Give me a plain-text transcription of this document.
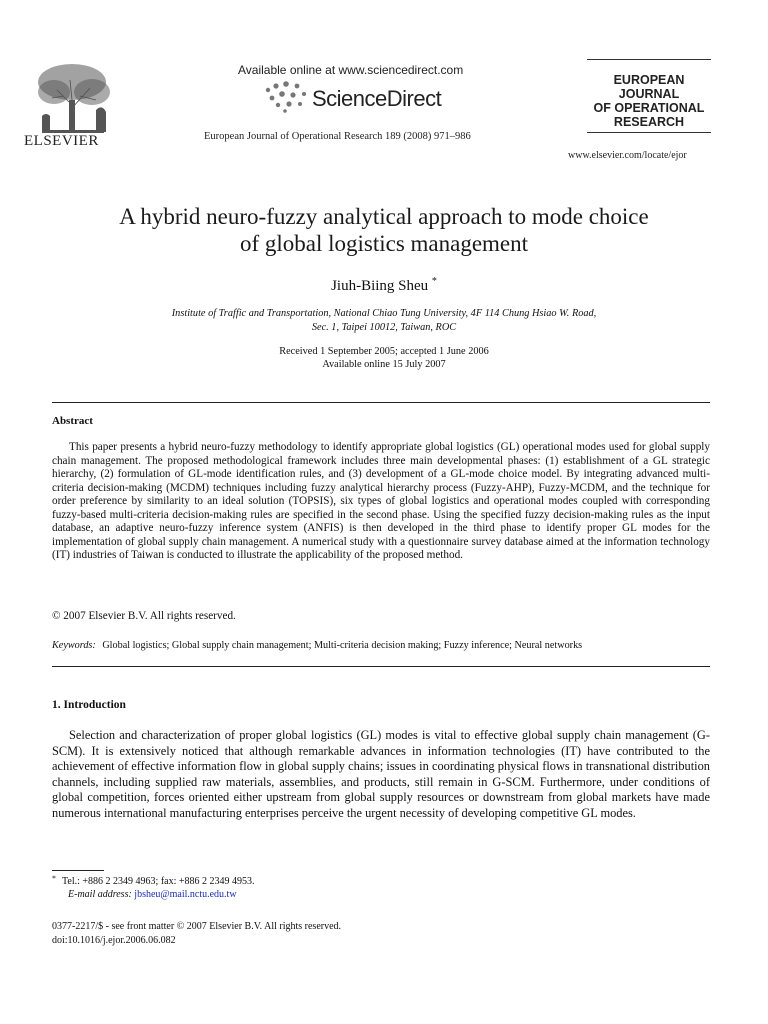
ELSEVIER
Available online at www.sciencedirect.com
ScienceDirect
European Journal of Operational Research 189 (2008) 971–986
EUROPEAN
JOURNAL
OF OPERATIONAL
RESEARCH
www.elsevier.com/locate/ejor
A hybrid neuro-fuzzy analytical approach to mode choice
of global logistics management
Jiuh-Biing Sheu *
Institute of Traffic and Transportation, National Chiao Tung University, 4F 114 Chung Hsiao W. Road,
Sec. 1, Taipei 10012, Taiwan, ROC
Received 1 September 2005; accepted 1 June 2006
Available online 15 July 2007
Abstract

This paper presents a hybrid neuro-fuzzy methodology to identify appropriate global logistics (GL) operational modes used for global supply chain management. The proposed methodological framework includes three main developmental phases: (1) establishment of a GL strategic hierarchy, (2) formulation of GL-mode identification rules, and (3) development of a GL-mode choice model. By integrating advanced multi-criteria decision-making (MCDM) techniques including fuzzy analytical hierarchy process (Fuzzy-AHP), Fuzzy-MCDM, and the technique for order preference by similarity to an ideal solution (TOPSIS), six types of global logistics and operational modes coupled with corresponding fuzzy-based multi-criteria decision-making rules are specified in the second phase. Using the specified fuzzy decision-making rules as the input database, an adaptive neuro-fuzzy inference system (ANFIS) is then developed in the third phase to identify proper GL modes for the implementation of global supply chain management. A numerical study with a questionnaire survey database aimed at the information technology (IT) industries of Taiwan is conducted to illustrate the applicability of the proposed method.

© 2007 Elsevier B.V. All rights reserved.
Keywords: Global logistics; Global supply chain management; Multi-criteria decision making; Fuzzy inference; Neural networks
1. Introduction

Selection and characterization of proper global logistics (GL) modes is vital to effective global supply chain management (G-SCM). It is extensively noticed that although remarkable advances in information technologies (IT) have contributed to the achievement of effective information flow in global supply chains; issues in coordinating physical flows in transnational distribution channels, including supplied raw materials, assemblies, and products, still remain in G-SCM. Furthermore, under conditions of global competition, forces oriented either upstream from global supply resources or downstream from global markets have made numerous international manufacturing enterprises perceive the urgent necessity of developing competitive GL modes.

* Tel.: +886 2 2349 4963; fax: +886 2 2349 4953.
E-mail address: jbsheu@mail.nctu.edu.tw
0377-2217/$ - see front matter © 2007 Elsevier B.V. All rights reserved.
doi:10.1016/j.ejor.2006.06.082
